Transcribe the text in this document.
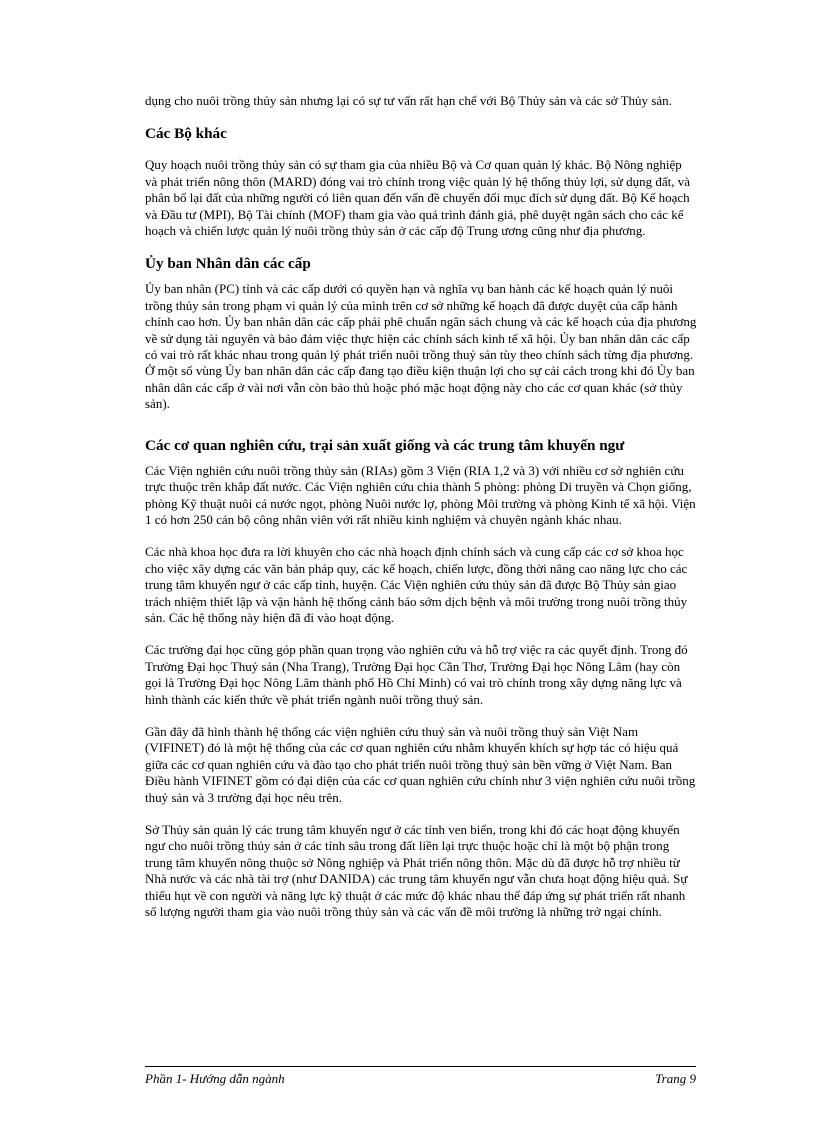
dụng cho nuôi trồng thủy sản nhưng lại có sự tư vấn rất hạn chế với Bộ Thủy sản và các sở Thủy sản.

Các Bộ khác

Quy hoạch nuôi trồng thủy sản có sự tham gia của nhiều Bộ và Cơ quan quản lý khác. Bộ Nông nghiệp và phát triển nông thôn (MARD) đóng vai trò chính trong việc quản lý hệ thống thủy lợi, sử dụng đất, và phân bổ lại đất của những người có liên quan đến vấn đề chuyển đổi mục đích sử dụng đất. Bộ Kế hoạch và Đầu tư (MPI), Bộ Tài chính (MOF) tham gia vào quá trình đánh giá, phê duyệt ngân sách cho các kế hoạch và chiến lược quản lý nuôi trồng thủy sản ở các cấp độ Trung ương cũng như địa phương.

Ủy ban Nhân dân các cấp

Ủy ban nhân (PC) tỉnh và các cấp dưới có quyền hạn và nghĩa vụ ban hành các kế hoạch quản lý nuôi trồng thủy sản trong phạm vi quản lý của mình trên cơ sở những kế hoạch đã được duyệt của cấp hành chính cao hơn. Ủy ban nhân dân các cấp phải phê chuẩn ngân sách chung và các kế hoạch của địa phương về sử dụng tài nguyên và bảo đảm việc thực hiện các chính sách kinh tế xã hội. Ủy ban nhân dân các cấp có vai trò rất khác nhau trong quản lý phát triển nuôi trồng thuỷ sản tùy theo chính sách từng địa phương. Ở một số vùng Ủy ban nhân dân các cấp đang tạo điều kiện thuận lợi cho sự cải cách trong khi đó Ủy ban nhân dân các cấp ở vài nơi vẫn còn bảo thủ hoặc phó mặc hoạt động này cho các cơ quan khác (sở thủy sản).

Các cơ quan nghiên cứu, trại sản xuất giống và các trung tâm khuyến ngư

Các Viện nghiên cứu nuôi trồng thủy sản (RIAs) gồm 3 Viện (RIA 1,2 và 3) với nhiều cơ sở nghiên cứu trực thuộc trên khắp đất nước. Các Viện nghiên cứu chia thành 5 phòng: phòng Di truyền và Chọn giống, phòng Kỹ thuật nuôi cá nước ngọt, phòng Nuôi nước lợ, phòng Môi trường và phòng Kinh tế xã hội. Viện 1 có hơn 250 cán bộ công nhân viên với rất nhiều kinh nghiệm và chuyên ngành khác nhau.

Các nhà khoa học đưa ra lời khuyên cho các nhà hoạch định chính sách và cung cấp các cơ sở khoa học cho việc xây dựng các văn bản pháp quy, các kế hoạch, chiến lược, đồng thời nâng cao năng lực cho các trung tâm khuyến ngư ở các cấp tỉnh, huyện. Các Viện nghiên cứu thủy sản đã được Bộ Thủy sản giao trách nhiệm thiết lập và vận hành hệ thống cảnh báo sớm dịch bệnh và môi trường trong nuôi trồng thủy sản. Các hệ thống này hiện đã đi vào hoạt động.

Các trường đại học cũng góp phần quan trọng vào nghiên cứu và hỗ trợ việc ra các quyết định. Trong đó Trường Đại học Thuỷ sản (Nha Trang), Trường Đại học Cần Thơ, Trường Đại học Nông Lâm (hay còn gọi là Trường Đại học Nông Lâm thành phố Hồ Chí Minh) có vai trò chính trong xây dựng năng lực và hình thành các kiến thức về phát triển ngành nuôi trồng thuỷ sản.

Gần đây đã hình thành hệ thống các viện nghiên cứu thuỷ sản và nuôi trồng thuỷ sản Việt Nam (VIFINET) đó là một hệ thống của các cơ quan nghiên cứu nhằm khuyến khích sự hợp tác có hiệu quả giữa các cơ quan nghiên cứu và đào tạo cho phát triển nuôi trồng thuỷ sản bền vững ở Việt Nam. Ban Điều hành VIFINET gồm có đại diện của các cơ quan nghiên cứu chính như 3 viện nghiên cứu nuôi trồng thuỷ sản và 3 trường đại học nêu trên.

Sở Thủy sản quản lý các trung tâm khuyến ngư ở các tỉnh ven biển, trong khi đó các hoạt động khuyến ngư cho nuôi trồng thủy sản ở các tỉnh sâu trong đất liền lại trực thuộc hoặc chỉ là một bộ phận trong trung tâm khuyến nông thuộc sở Nông nghiệp và Phát triển nông thôn. Mặc dù đã được hỗ trợ nhiều từ Nhà nước và các nhà tài trợ (như DANIDA) các trung tâm khuyến ngư vẫn chưa hoạt động hiệu quả. Sự thiếu hụt về con người và năng lực kỹ thuật ở các mức độ khác nhau thể đáp ứng sự phát triển rất nhanh số lượng người tham gia vào nuôi trồng thủy sản và các vấn đề môi trường là những trở ngại chính.

Phần 1- Hướng dẫn ngành	Trang 9
